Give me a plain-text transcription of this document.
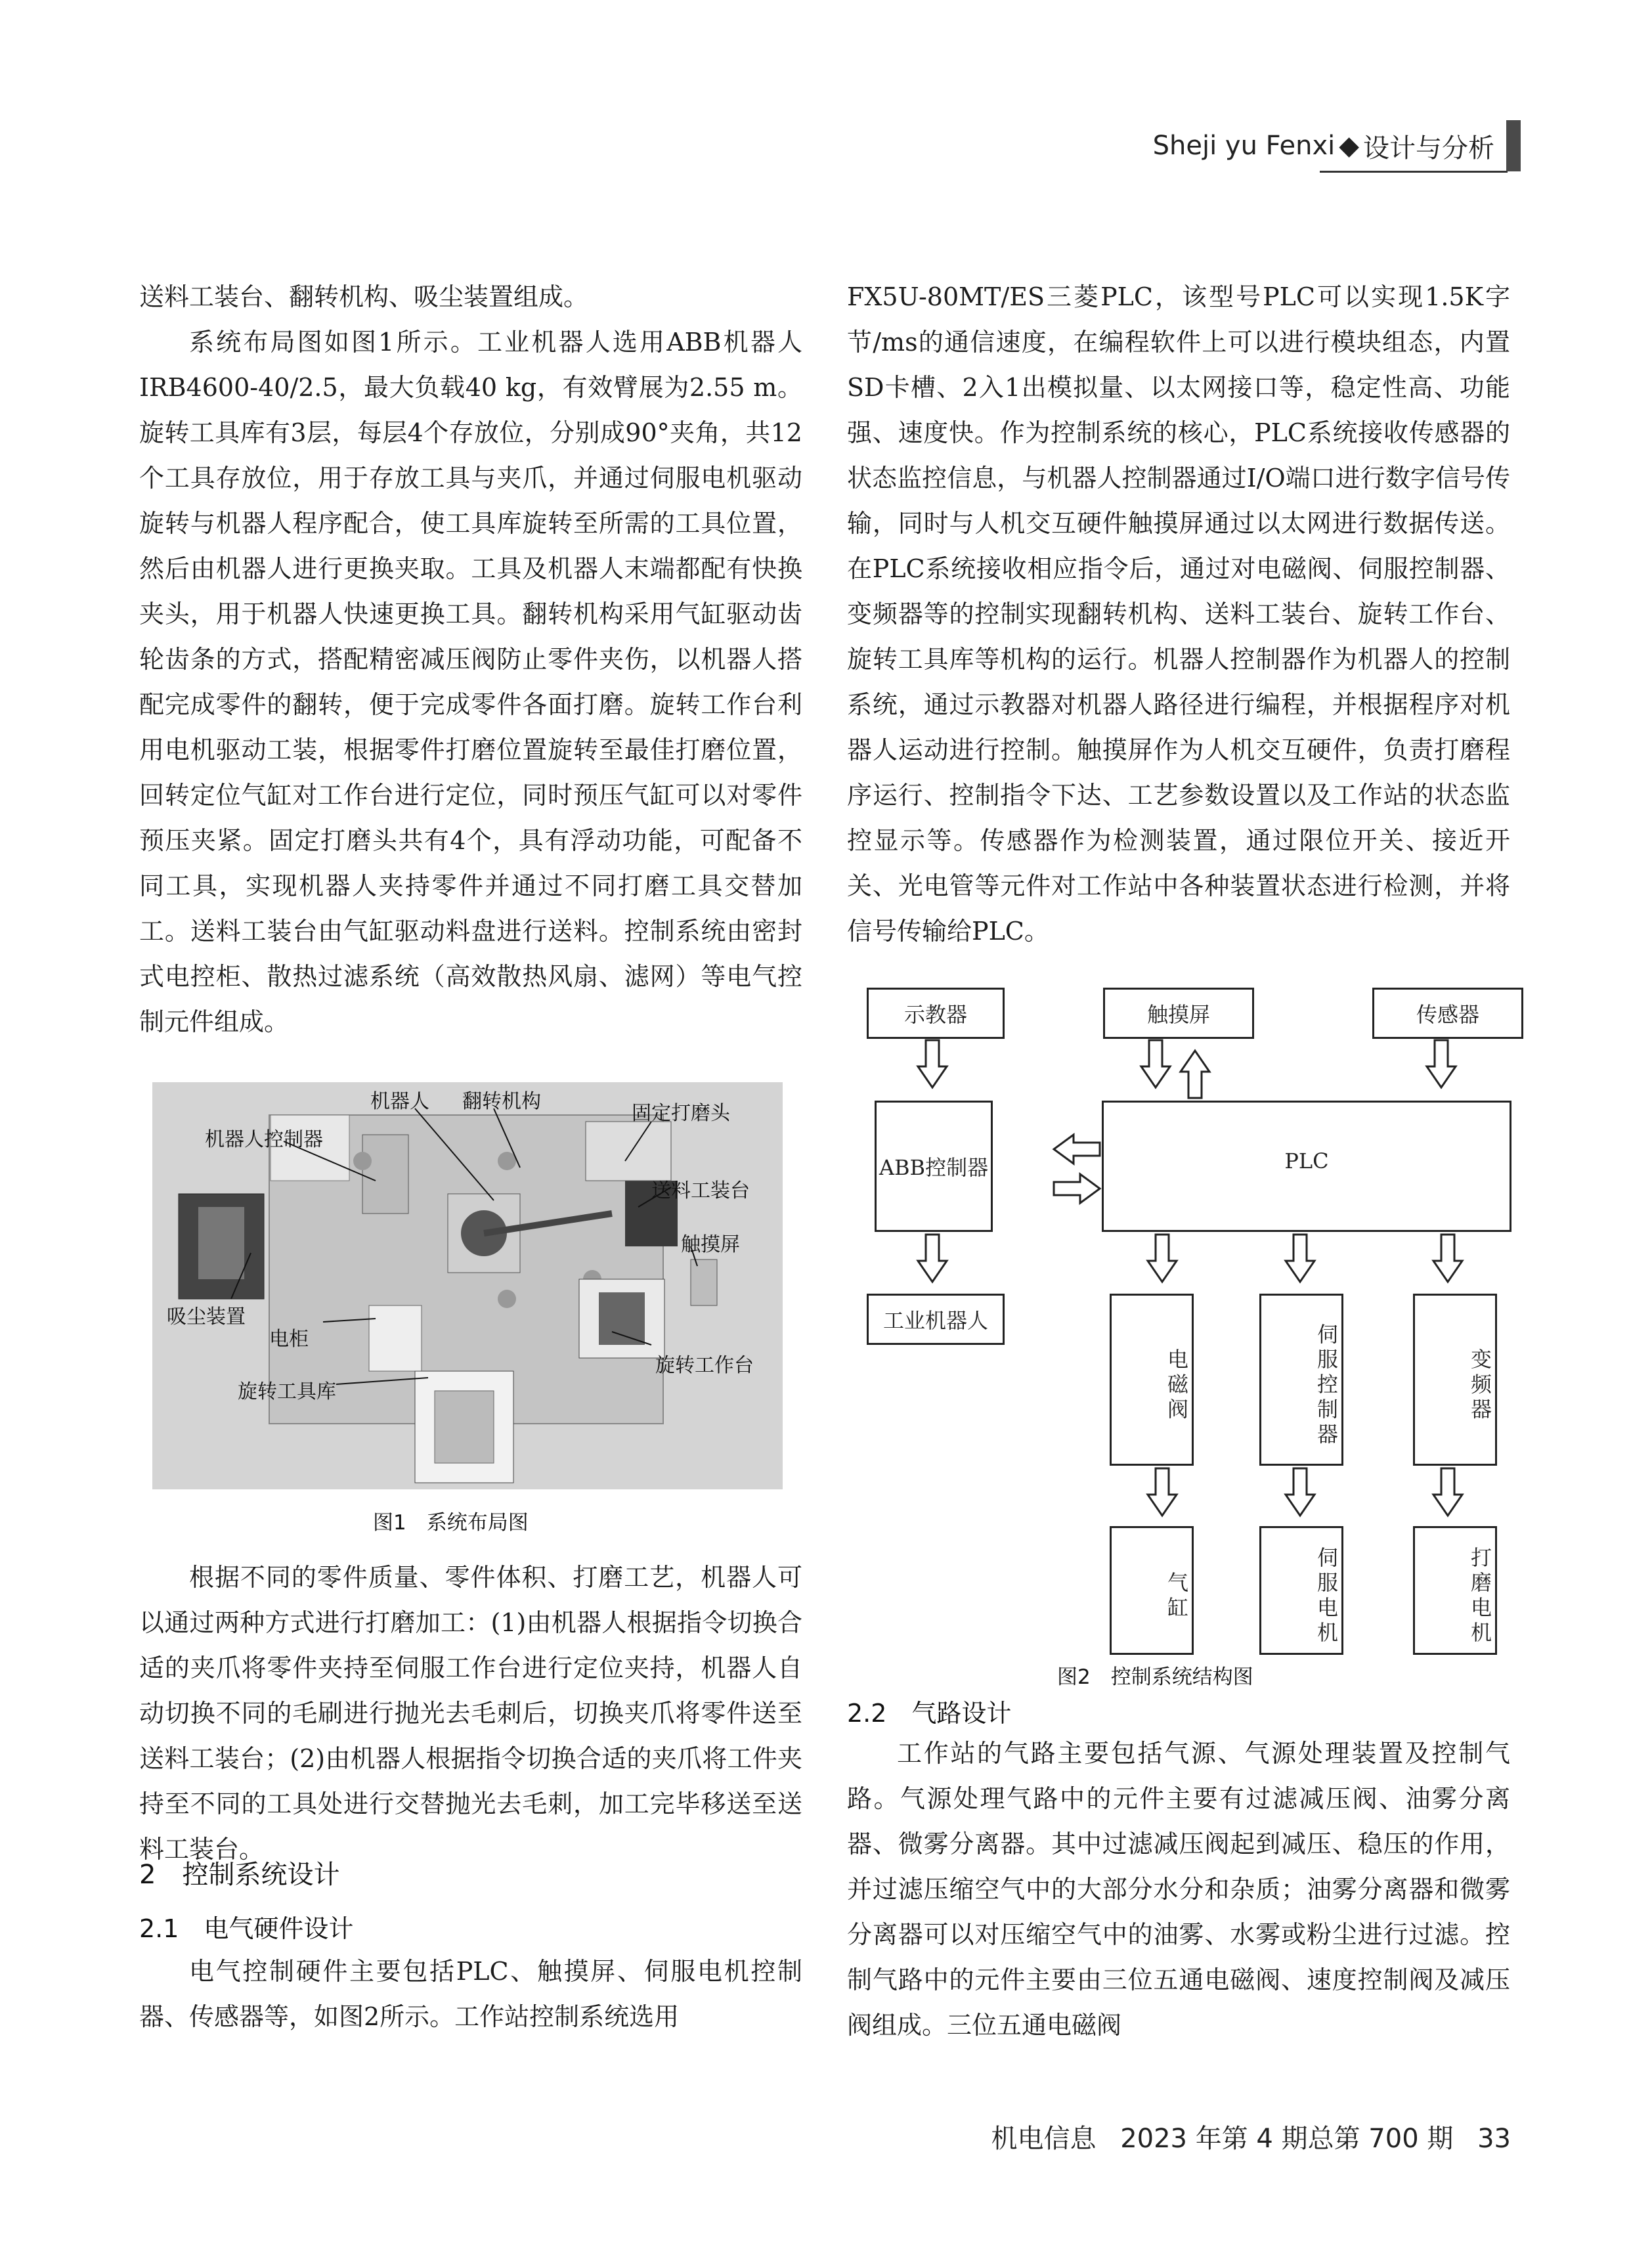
Sheji yu Fenxi ◆ 设计与分析

送料工装台、翻转机构、吸尘装置组成。

系统布局图如图1所示。工业机器人选用ABB机器人IRB4600-40/2.5，最大负载40 kg，有效臂展为2.55 m。旋转工具库有3层，每层4个存放位，分别成90°夹角，共12个工具存放位，用于存放工具与夹爪，并通过伺服电机驱动旋转与机器人程序配合，使工具库旋转至所需的工具位置，然后由机器人进行更换夹取。工具及机器人末端都配有快换夹头，用于机器人快速更换工具。翻转机构采用气缸驱动齿轮齿条的方式，搭配精密减压阀防止零件夹伤，以机器人搭配完成零件的翻转，便于完成零件各面打磨。旋转工作台利用电机驱动工装，根据零件打磨位置旋转至最佳打磨位置，回转定位气缸对工作台进行定位，同时预压气缸可以对零件预压夹紧。固定打磨头共有4个，具有浮动功能，可配备不同工具，实现机器人夹持零件并通过不同打磨工具交替加工。送料工装台由气缸驱动料盘进行送料。控制系统由密封式电控柜、散热过滤系统（高效散热风扇、滤网）等电气控制元件组成。

机器人 翻转机构
固定打磨头
机器人控制器
送料工装台
触摸屏
吸尘装置
电柜
旋转工作台
旋转工具库
图1　系统布局图

根据不同的零件质量、零件体积、打磨工艺，机器人可以通过两种方式进行打磨加工：(1)由机器人根据指令切换合适的夹爪将零件夹持至伺服工作台进行定位夹持，机器人自动切换不同的毛刷进行抛光去毛刺后，切换夹爪将零件送至送料工装台；(2)由机器人根据指令切换合适的夹爪将工件夹持至不同的工具处进行交替抛光去毛刺，加工完毕移送至送料工装台。

2　控制系统设计
2.1　电气硬件设计

电气控制硬件主要包括PLC、触摸屏、伺服电机控制器、传感器等，如图2所示。工作站控制系统选用

FX5U-80MT/ES三菱PLC，该型号PLC可以实现1.5K字节/ms的通信速度，在编程软件上可以进行模块组态，内置SD卡槽、2入1出模拟量、以太网接口等，稳定性高、功能强、速度快。作为控制系统的核心，PLC系统接收传感器的状态监控信息，与机器人控制器通过I/O端口进行数字信号传输，同时与人机交互硬件触摸屏通过以太网进行数据传送。在PLC系统接收相应指令后，通过对电磁阀、伺服控制器、变频器等的控制实现翻转机构、送料工装台、旋转工作台、旋转工具库等机构的运行。机器人控制器作为机器人的控制系统，通过示教器对机器人路径进行编程，并根据程序对机器人运动进行控制。触摸屏作为人机交互硬件，负责打磨程序运行、控制指令下达、工艺参数设置以及工作站的状态监控显示等。传感器作为检测装置，通过限位开关、接近开关、光电管等元件对工作站中各种装置状态进行检测，并将信号传输给PLC。

示教器	触摸屏	传感器
ABB控制器	PLC
工业机器人
电磁阀	伺服控制器	变频器
气缸	伺服电机	打磨电机
图2　控制系统结构图
2.2　气路设计

工作站的气路主要包括气源、气源处理装置及控制气路。气源处理气路中的元件主要有过滤减压阀、油雾分离器、微雾分离器。其中过滤减压阀起到减压、稳压的作用，并过滤压缩空气中的大部分水分和杂质；油雾分离器和微雾分离器可以对压缩空气中的油雾、水雾或粉尘进行过滤。控制气路中的元件主要由三位五通电磁阀、速度控制阀及减压阀组成。三位五通电磁阀

机电信息 2023 年第 4 期总第 700 期 33
